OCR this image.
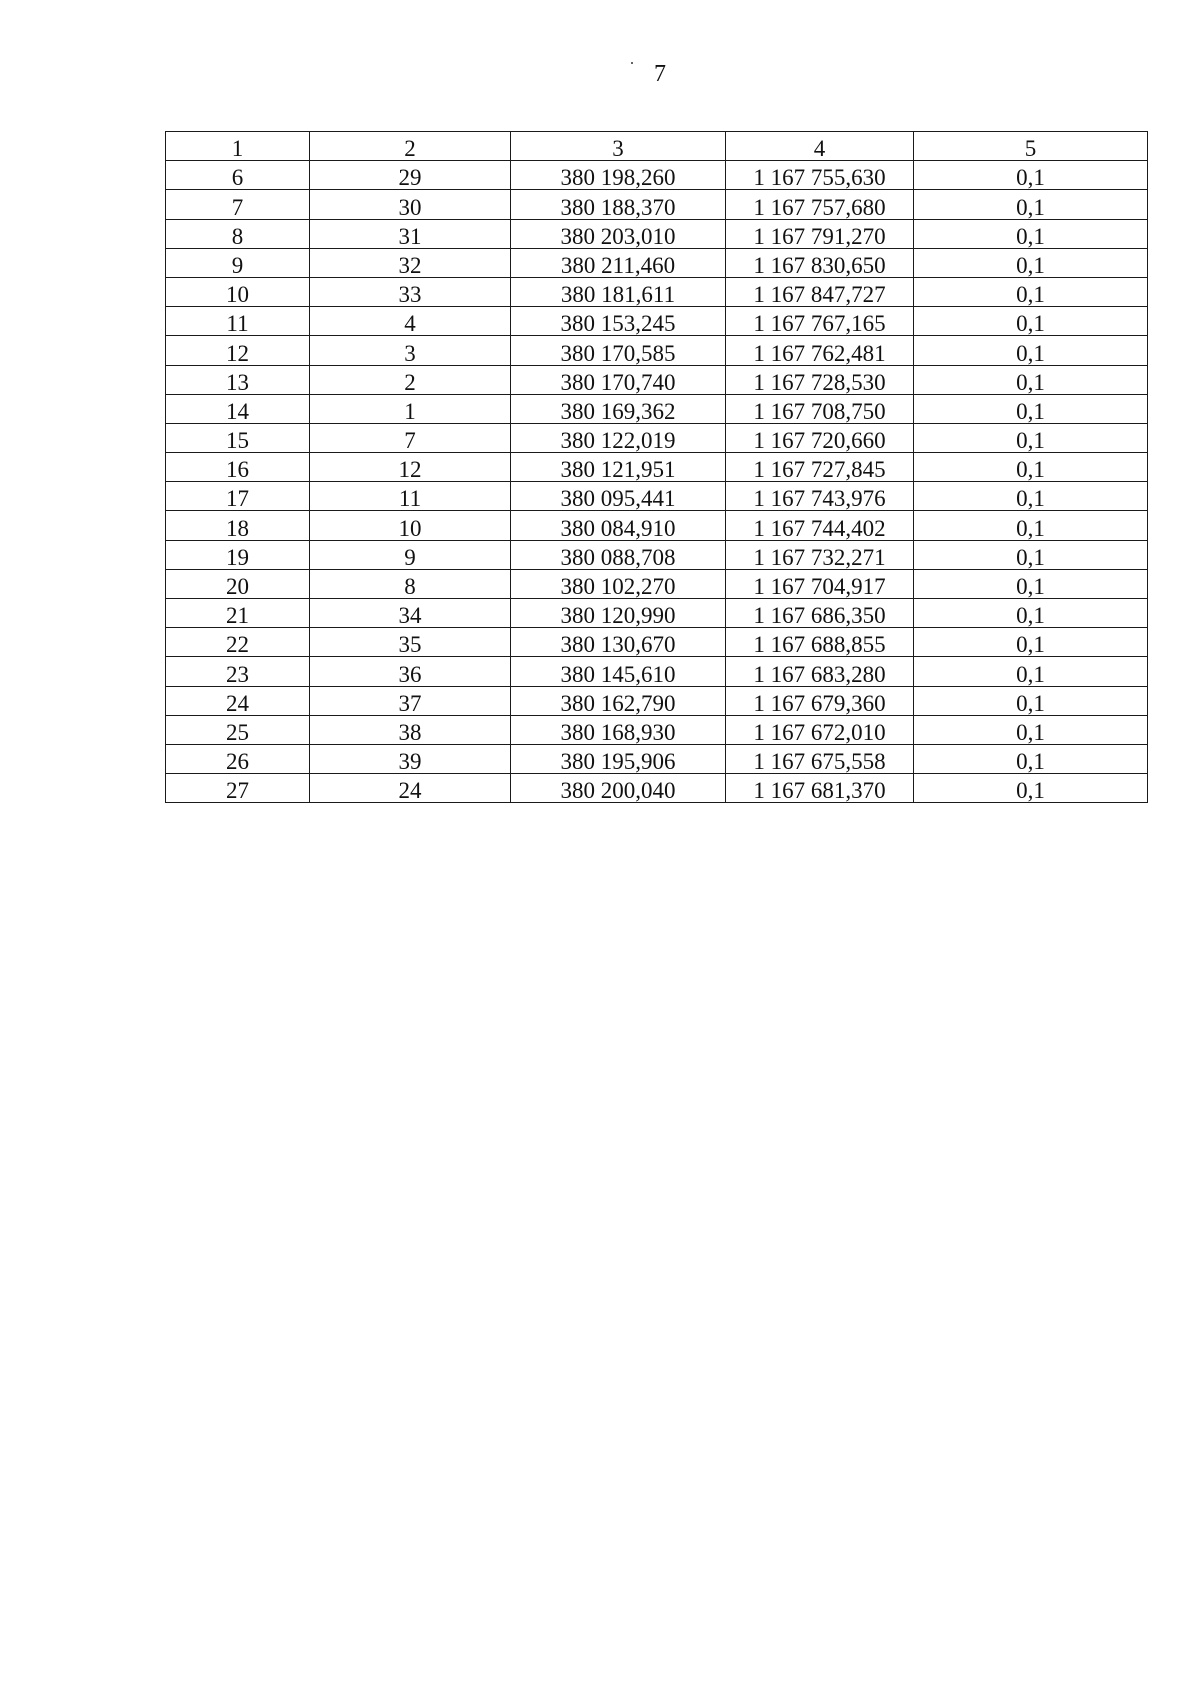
7
1	2	3	4	5
6	29	380 198,260	1 167 755,630	0,1
7	30	380 188,370	1 167 757,680	0,1
8	31	380 203,010	1 167 791,270	0,1
9	32	380 211,460	1 167 830,650	0,1
10	33	380 181,611	1 167 847,727	0,1
11	4	380 153,245	1 167 767,165	0,1
12	3	380 170,585	1 167 762,481	0,1
13	2	380 170,740	1 167 728,530	0,1
14	1	380 169,362	1 167 708,750	0,1
15	7	380 122,019	1 167 720,660	0,1
16	12	380 121,951	1 167 727,845	0,1
17	11	380 095,441	1 167 743,976	0,1
18	10	380 084,910	1 167 744,402	0,1
19	9	380 088,708	1 167 732,271	0,1
20	8	380 102,270	1 167 704,917	0,1
21	34	380 120,990	1 167 686,350	0,1
22	35	380 130,670	1 167 688,855	0,1
23	36	380 145,610	1 167 683,280	0,1
24	37	380 162,790	1 167 679,360	0,1
25	38	380 168,930	1 167 672,010	0,1
26	39	380 195,906	1 167 675,558	0,1
27	24	380 200,040	1 167 681,370	0,1
